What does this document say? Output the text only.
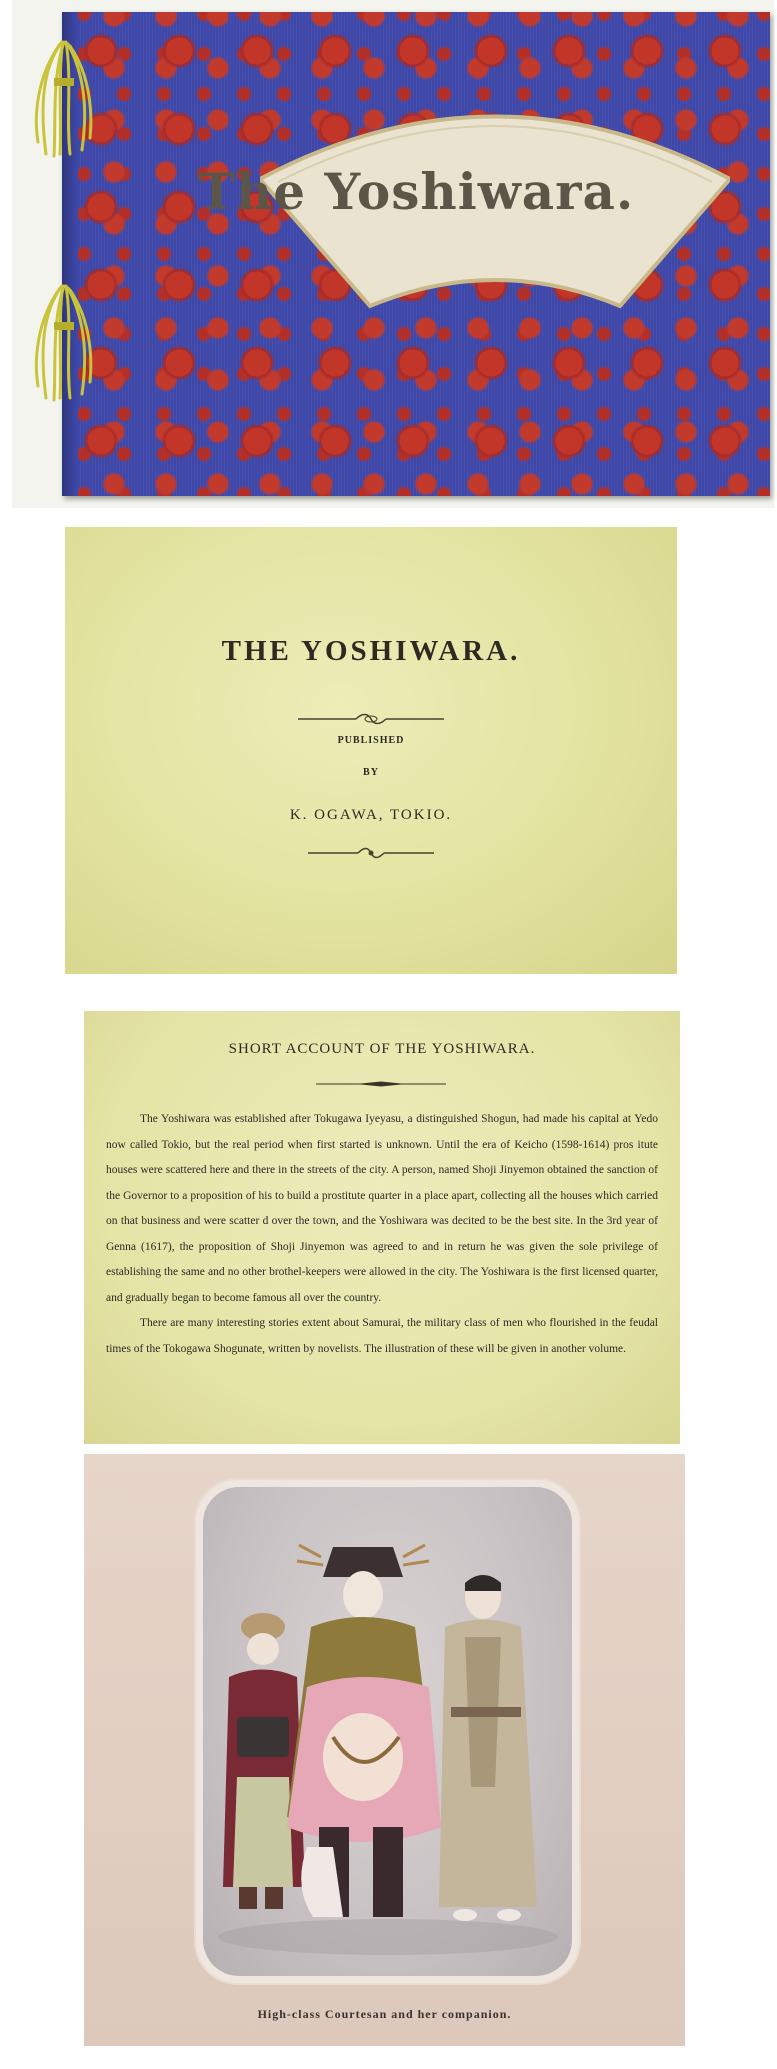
The Yoshiwara.
THE YOSHIWARA.
PUBLISHED
BY
K. OGAWA, TOKIO.
SHORT ACCOUNT OF THE YOSHIWARA.

The Yoshiwara was established after Tokugawa Iyeyasu, a distinguished Shogun, had made his capital at Yedo now called Tokio, but the real period when first started is unknown. Until the era of Keicho (1598-1614) pros itute houses were scattered here and there in the streets of the city. A person, named Shoji Jinyemon obtained the sanction of the Governor to a proposition of his to build a prostitute quarter in a place apart, collecting all the houses which carried on that business and were scatter d over the town, and the Yoshiwara was decited to be the best site. In the 3rd year of Genna (1617), the proposition of Shoji Jinyemon was agreed to and in return he was given the sole privilege of establishing the same and no other brothel-keepers were allowed in the city. The Yoshiwara is the first licensed quarter, and gradually began to become famous all over the country.

There are many interesting stories extent about Samurai, the military class of men who flourished in the feudal times of the Tokogawa Shogunate, written by novelists. The illustration of these will be given in another volume.

High-class Courtesan and her companion.
